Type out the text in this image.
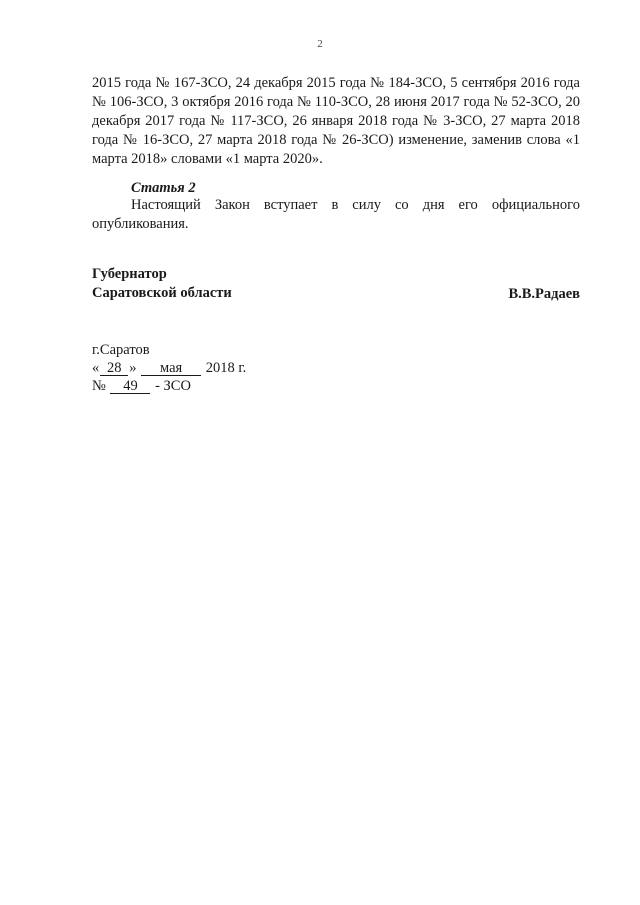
2
2015 года № 167-ЗСО, 24 декабря 2015 года № 184-ЗСО, 5 сентября 2016 года № 106-ЗСО, 3 октября 2016 года № 110-ЗСО, 28 июня 2017 года № 52-ЗСО, 20 декабря 2017 года № 117-ЗСО, 26 января 2018 года № 3-ЗСО, 27 марта 2018 года № 16-ЗСО, 27 марта 2018 года № 26-ЗСО) изменение, заменив слова «1 марта 2018» словами «1 марта 2020».
Статья 2
Настоящий Закон вступает в силу со дня его официального опубликования.
Губернатор
Саратовской области	В.В.Радаев
г.Саратов
« 28 » мая 2018 г.
№ 49 - ЗСО
